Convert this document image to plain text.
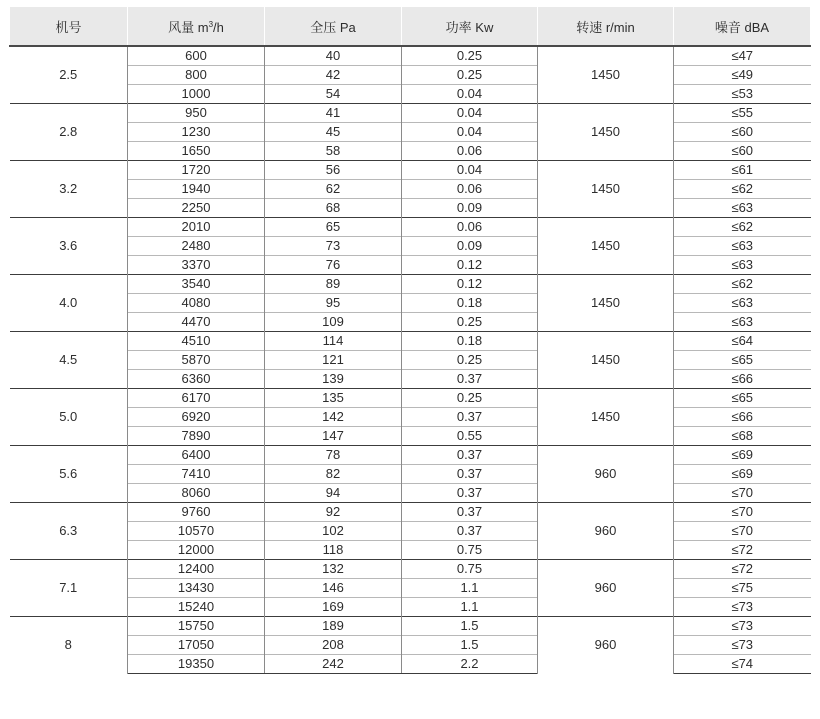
机号	风量 $m^3/h$	全压 Pa	功率 Kw	转速 r/min	噪音 dBA
2.5	600	40	0.25	1450	≤47
	800	42	0.25		≤49
	1000	54	0.04		≤53
2.8	950	41	0.04	1450	≤55
	1230	45	0.04		≤60
	1650	58	0.06		≤60
3.2	1720	56	0.04	1450	≤61
	1940	62	0.06		≤62
	2250	68	0.09		≤63
3.6	2010	65	0.06	1450	≤62
	2480	73	0.09		≤63
	3370	76	0.12		≤63
4.0	3540	89	0.12	1450	≤62
	4080	95	0.18		≤63
	4470	109	0.25		≤63
4.5	4510	114	0.18	1450	≤64
	5870	121	0.25		≤65
	6360	139	0.37		≤66
5.0	6170	135	0.25	1450	≤65
	6920	142	0.37		≤66
	7890	147	0.55		≤68
5.6	6400	78	0.37	960	≤69
	7410	82	0.37		≤69
	8060	94	0.37		≤70
6.3	9760	92	0.37	960	≤70
	10570	102	0.37		≤70
	12000	118	0.75		≤72
7.1	12400	132	0.75	960	≤72
	13430	146	1.1		≤75
	15240	169	1.1		≤73
8	15750	189	1.5	960	≤73
	17050	208	1.5		≤73
	19350	242	2.2		≤74
